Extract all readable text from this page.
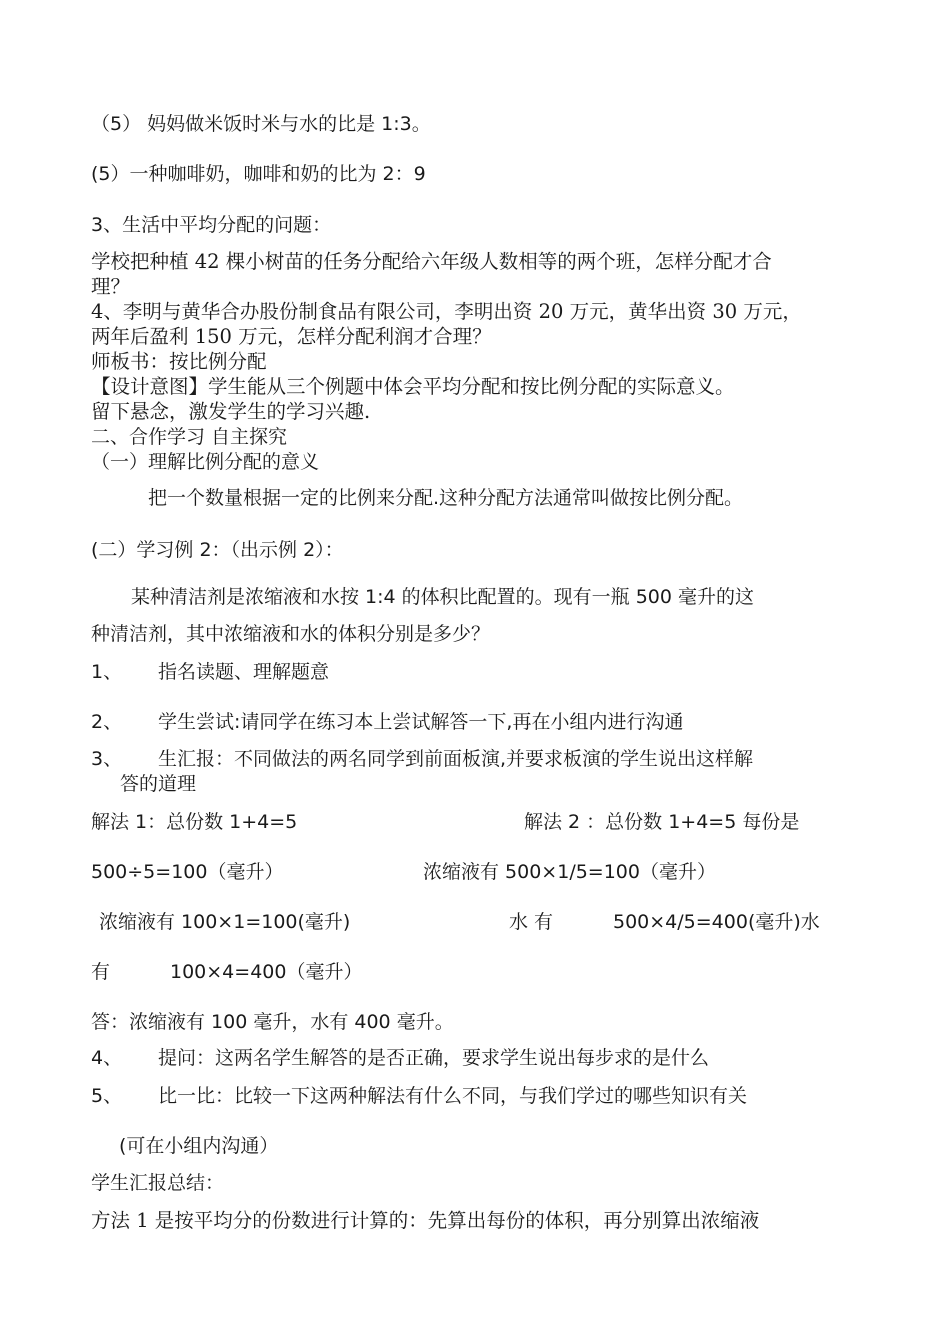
（5） 妈妈做米饭时米与水的比是 1:3。
(5）一种咖啡奶，咖啡和奶的比为 2：9
3、生活中平均分配的问题：
学校把种植 42 棵小树苗的任务分配给六年级人数相等的两个班，怎样分配才合
理？
4、李明与黄华合办股份制食品有限公司，李明出资 20 万元，黄华出资 30 万元，
两年后盈利 150 万元，怎样分配利润才合理？
师板书：按比例分配
【设计意图】学生能从三个例题中体会平均分配和按比例分配的实际意义。
留下悬念，激发学生的学习兴趣.
二、合作学习 自主探究
（一）理解比例分配的意义
把一个数量根据一定的比例来分配.这种分配方法通常叫做按比例分配。
(二）学习例 2：（出示例 2）：
某种清洁剂是浓缩液和水按 1:4 的体积比配置的。现有一瓶 500 毫升的这
种清洁剂，其中浓缩液和水的体积分别是多少？
1、 指名读题、理解题意
2、 学生尝试:请同学在练习本上尝试解答一下,再在小组内进行沟通
3、 生汇报：不同做法的两名同学到前面板演,并要求板演的学生说出这样解
答的道理
解法 1：总份数 1+4=5	解法 2 ：总份数 1+4=5 每份是
500÷5=100（毫升）	浓缩液有 500×1/5=100（毫升）
浓缩液有 100×1=100(毫升)	水 有	500×4/5=400(毫升)水
有	100×4=400（毫升）
答：浓缩液有 100 毫升，水有 400 毫升。
4、 提问：这两名学生解答的是否正确，要求学生说出每步求的是什么
5、 比一比：比较一下这两种解法有什么不同，与我们学过的哪些知识有关
(可在小组内沟通）
学生汇报总结：
方法 1 是按平均分的份数进行计算的：先算出每份的体积，再分别算出浓缩液
